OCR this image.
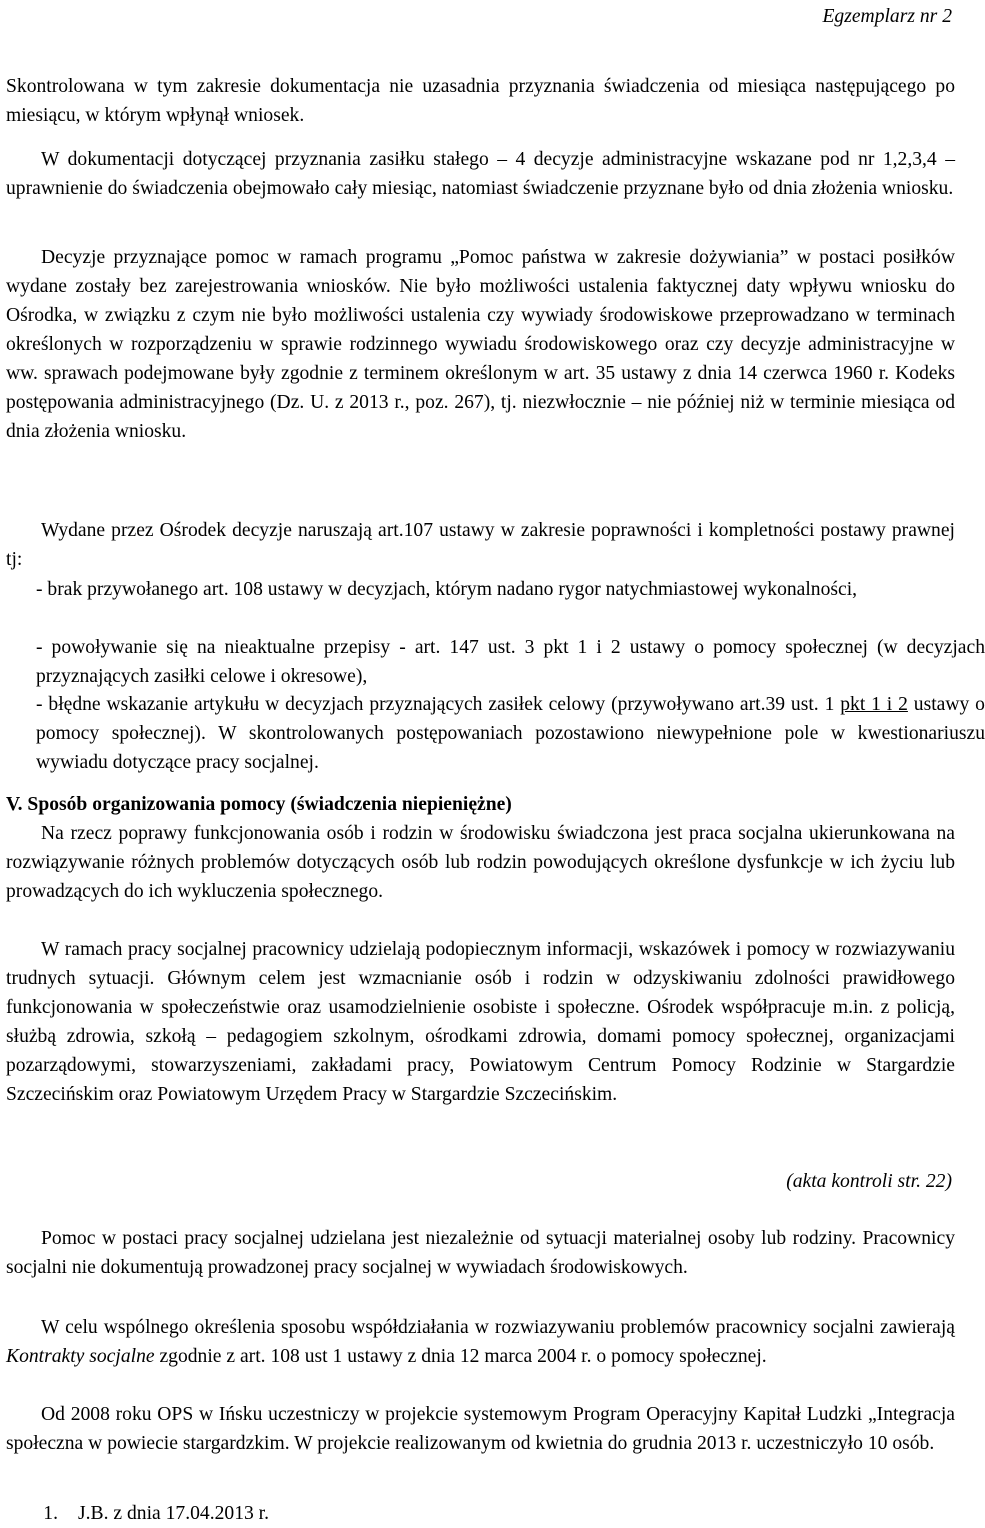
Egzemplarz nr 2
Skontrolowana w tym zakresie dokumentacja nie uzasadnia przyznania świadczenia od miesiąca następującego po miesiącu, w którym wpłynął wniosek.
W dokumentacji dotyczącej przyznania zasiłku stałego – 4 decyzje administracyjne wskazane pod nr 1,2,3,4 – uprawnienie do świadczenia obejmowało cały miesiąc, natomiast świadczenie przyznane było od dnia złożenia wniosku.
Decyzje przyznające pomoc w ramach programu „Pomoc państwa w zakresie dożywiania” w postaci posiłków wydane zostały bez zarejestrowania wniosków. Nie było możliwości ustalenia faktycznej daty wpływu wniosku do Ośrodka, w związku z czym nie było możliwości ustalenia czy wywiady środowiskowe przeprowadzano w terminach określonych w rozporządzeniu w sprawie rodzinnego wywiadu środowiskowego oraz czy decyzje administracyjne w ww. sprawach podejmowane były zgodnie z terminem określonym w art. 35 ustawy z dnia 14 czerwca 1960 r. Kodeks postępowania administracyjnego (Dz. U. z 2013 r., poz. 267), tj. niezwłocznie – nie później niż w terminie miesiąca od dnia złożenia wniosku.
Wydane przez Ośrodek decyzje naruszają art.107 ustawy w zakresie poprawności i kompletności postawy prawnej tj:
- brak przywołanego art. 108 ustawy w decyzjach, którym nadano rygor natychmiastowej wykonalności,
- powoływanie się na nieaktualne przepisy - art. 147 ust. 3 pkt 1 i 2 ustawy o pomocy społecznej (w decyzjach przyznających zasiłki celowe i okresowe),
- błędne wskazanie artykułu w decyzjach przyznających zasiłek celowy (przywoływano art.39 ust. 1 pkt 1 i 2 ustawy o pomocy społecznej). W skontrolowanych postępowaniach pozostawiono niewypełnione pole w kwestionariuszu wywiadu dotyczące pracy socjalnej.
V. Sposób organizowania pomocy (świadczenia niepieniężne)
Na rzecz poprawy funkcjonowania osób i rodzin w środowisku świadczona jest praca socjalna ukierunkowana na rozwiązywanie różnych problemów dotyczących osób lub rodzin powodujących określone dysfunkcje w ich życiu lub prowadzących do ich wykluczenia społecznego.
W ramach pracy socjalnej pracownicy udzielają podopiecznym informacji, wskazówek i pomocy w rozwiazywaniu trudnych sytuacji. Głównym celem jest wzmacnianie osób i rodzin w odzyskiwaniu zdolności prawidłowego funkcjonowania w społeczeństwie oraz usamodzielnienie osobiste i społeczne. Ośrodek współpracuje m.in. z policją, służbą zdrowia, szkołą – pedagogiem szkolnym, ośrodkami zdrowia, domami pomocy społecznej, organizacjami pozarządowymi, stowarzyszeniami, zakładami pracy, Powiatowym Centrum Pomocy Rodzinie w Stargardzie Szczecińskim oraz Powiatowym Urzędem Pracy w Stargardzie Szczecińskim.
(akta kontroli str. 22)
Pomoc w postaci pracy socjalnej udzielana jest niezależnie od sytuacji materialnej osoby lub rodziny. Pracownicy socjalni nie dokumentują prowadzonej pracy socjalnej w wywiadach środowiskowych.
W celu wspólnego określenia sposobu współdziałania w rozwiazywaniu problemów pracownicy socjalni zawierają Kontrakty socjalne zgodnie z art. 108 ust 1 ustawy z dnia 12 marca 2004 r. o pomocy społecznej.
Od 2008 roku OPS w Ińsku uczestniczy w projekcie systemowym Program Operacyjny Kapitał Ludzki „Integracja społeczna w powiecie stargardzkim. W projekcie realizowanym od kwietnia do grudnia 2013 r. uczestniczyło 10 osób.
1.	J.B. z dnia 17.04.2013 r.
